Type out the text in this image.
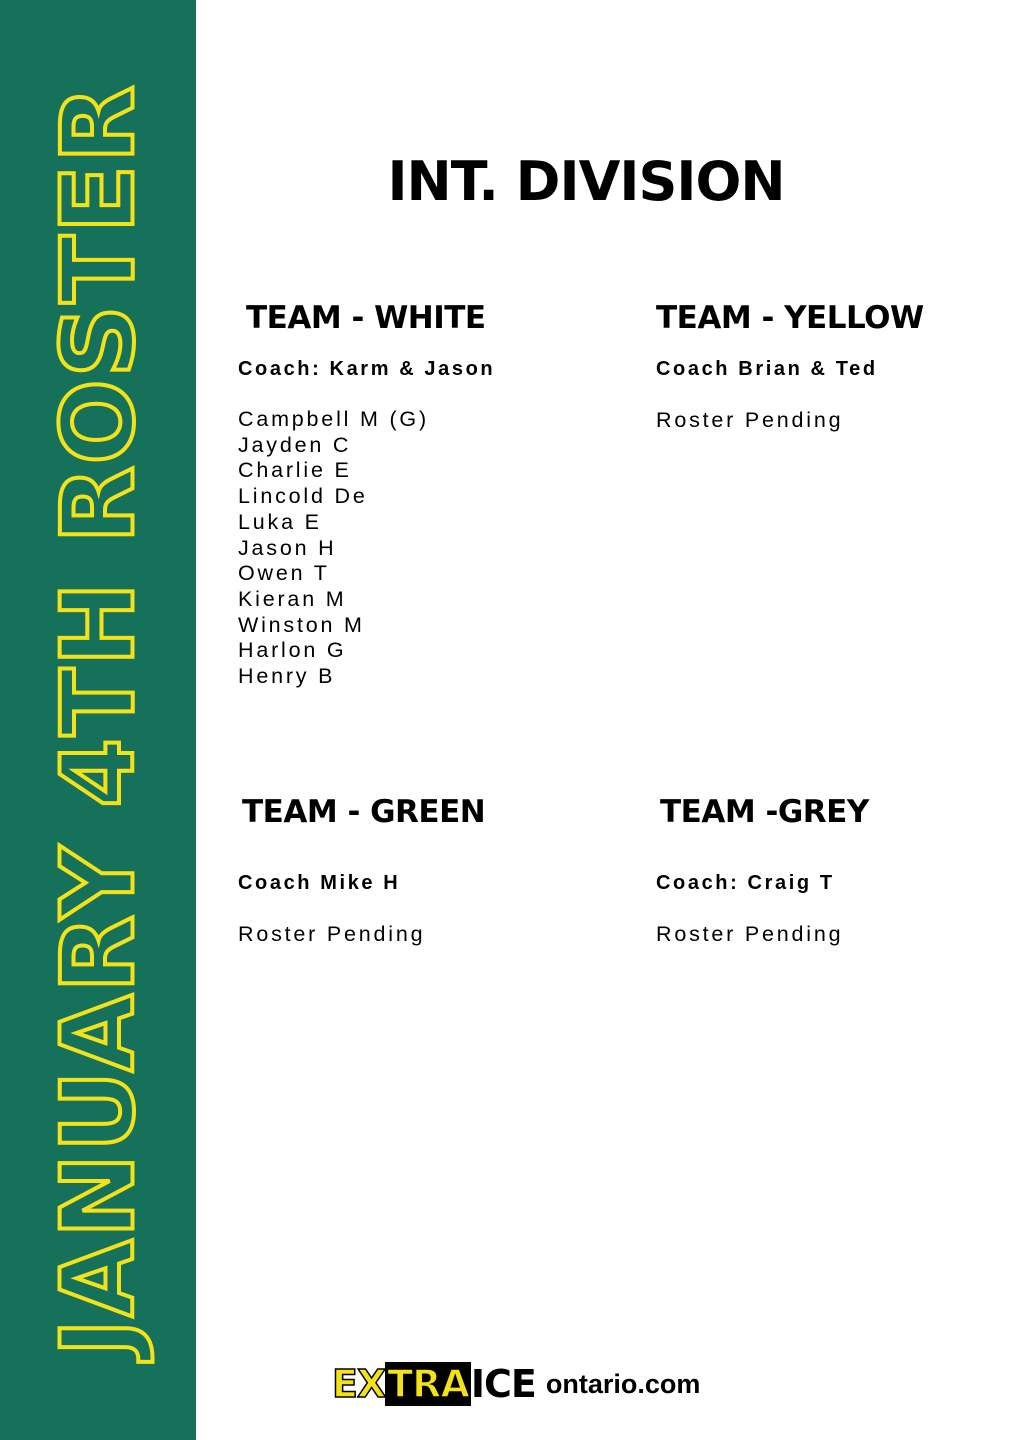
JANUARY 4TH ROSTER	INT. DIVISION
TEAM - WHITE
Coach: Karm & Jason
Campbell M (G)
Jayden C
Charlie E
Lincold De
Luka E
Jason H
Owen T
Kieran M
Winston M
Harlon G
Henry B
TEAM - YELLOW
Coach Brian & Ted
Roster Pending
TEAM - GREEN
Coach Mike H
Roster Pending
TEAM -GREY
Coach: Craig T
Roster Pending
EXTRAICE ontario.com
